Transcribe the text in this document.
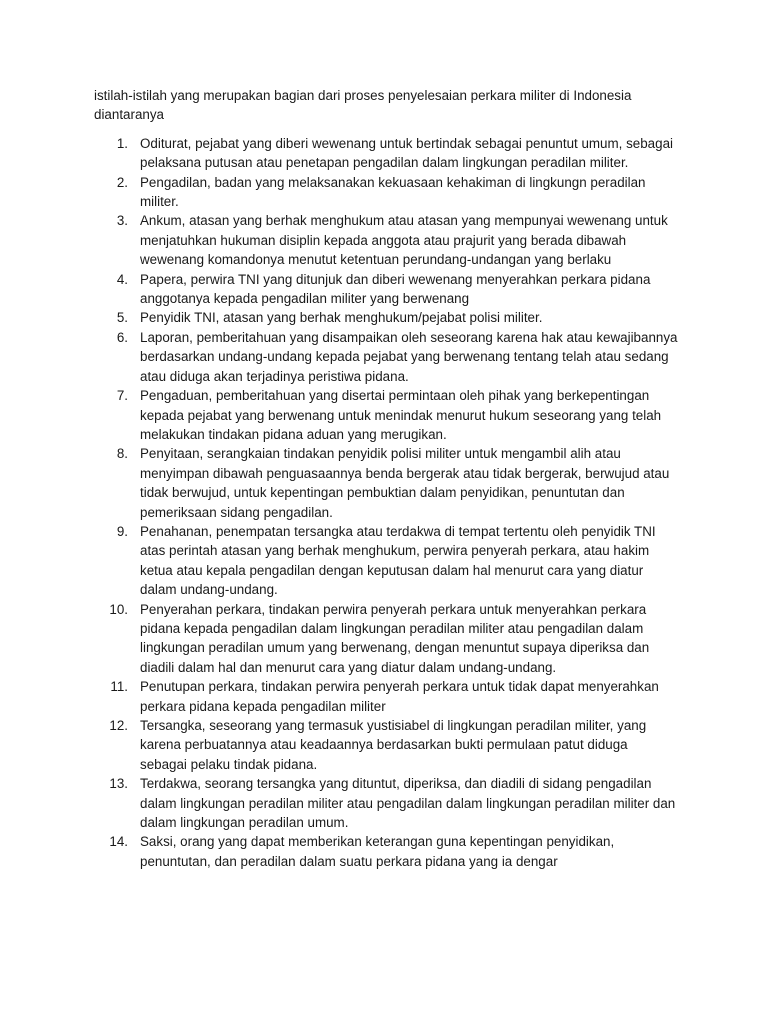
istilah-istilah yang merupakan bagian dari proses penyelesaian perkara militer di Indonesia diantaranya

1. Oditurat, pejabat yang diberi wewenang untuk bertindak sebagai penuntut umum, sebagai pelaksana putusan atau penetapan pengadilan dalam lingkungan peradilan militer.
2. Pengadilan, badan yang melaksanakan kekuasaan kehakiman di lingkungn peradilan militer.
3. Ankum, atasan yang berhak menghukum atau atasan yang mempunyai wewenang untuk menjatuhkan hukuman disiplin kepada anggota atau prajurit yang berada dibawah wewenang komandonya menutut ketentuan perundang-undangan yang berlaku
4. Papera, perwira TNI yang ditunjuk dan diberi wewenang menyerahkan perkara pidana anggotanya kepada pengadilan militer yang berwenang
5. Penyidik TNI, atasan yang berhak menghukum/pejabat polisi militer.
6. Laporan, pemberitahuan yang disampaikan oleh seseorang karena hak atau kewajibannya berdasarkan undang-undang kepada pejabat yang berwenang tentang telah atau sedang atau diduga akan terjadinya peristiwa pidana.
7. Pengaduan, pemberitahuan yang disertai permintaan oleh pihak yang berkepentingan kepada pejabat yang berwenang untuk menindak menurut hukum seseorang yang telah melakukan tindakan pidana aduan yang merugikan.
8. Penyitaan, serangkaian tindakan penyidik polisi militer untuk mengambil alih atau menyimpan dibawah penguasaannya benda bergerak atau tidak bergerak, berwujud atau tidak berwujud, untuk kepentingan pembuktian dalam penyidikan, penuntutan dan pemeriksaan sidang pengadilan.
9. Penahanan, penempatan tersangka atau terdakwa di tempat tertentu oleh penyidik TNI atas perintah atasan yang berhak menghukum, perwira penyerah perkara, atau hakim ketua atau kepala pengadilan dengan keputusan dalam hal menurut cara yang diatur dalam undang-undang.
10. Penyerahan perkara, tindakan perwira penyerah perkara untuk menyerahkan perkara pidana kepada pengadilan dalam lingkungan peradilan militer atau pengadilan dalam lingkungan peradilan umum yang berwenang, dengan menuntut supaya diperiksa dan diadili dalam hal dan menurut cara yang diatur dalam undang-undang.
11. Penutupan perkara, tindakan perwira penyerah perkara untuk tidak dapat menyerahkan perkara pidana kepada pengadilan militer
12. Tersangka, seseorang yang termasuk yustisiabel di lingkungan peradilan militer, yang karena perbuatannya atau keadaannya berdasarkan bukti permulaan patut diduga sebagai pelaku tindak pidana.
13. Terdakwa, seorang tersangka yang dituntut, diperiksa, dan diadili di sidang pengadilan dalam lingkungan peradilan militer atau pengadilan dalam lingkungan peradilan militer dan dalam lingkungan peradilan umum.
14. Saksi, orang yang dapat memberikan keterangan guna kepentingan penyidikan, penuntutan, dan peradilan dalam suatu perkara pidana yang ia dengar
